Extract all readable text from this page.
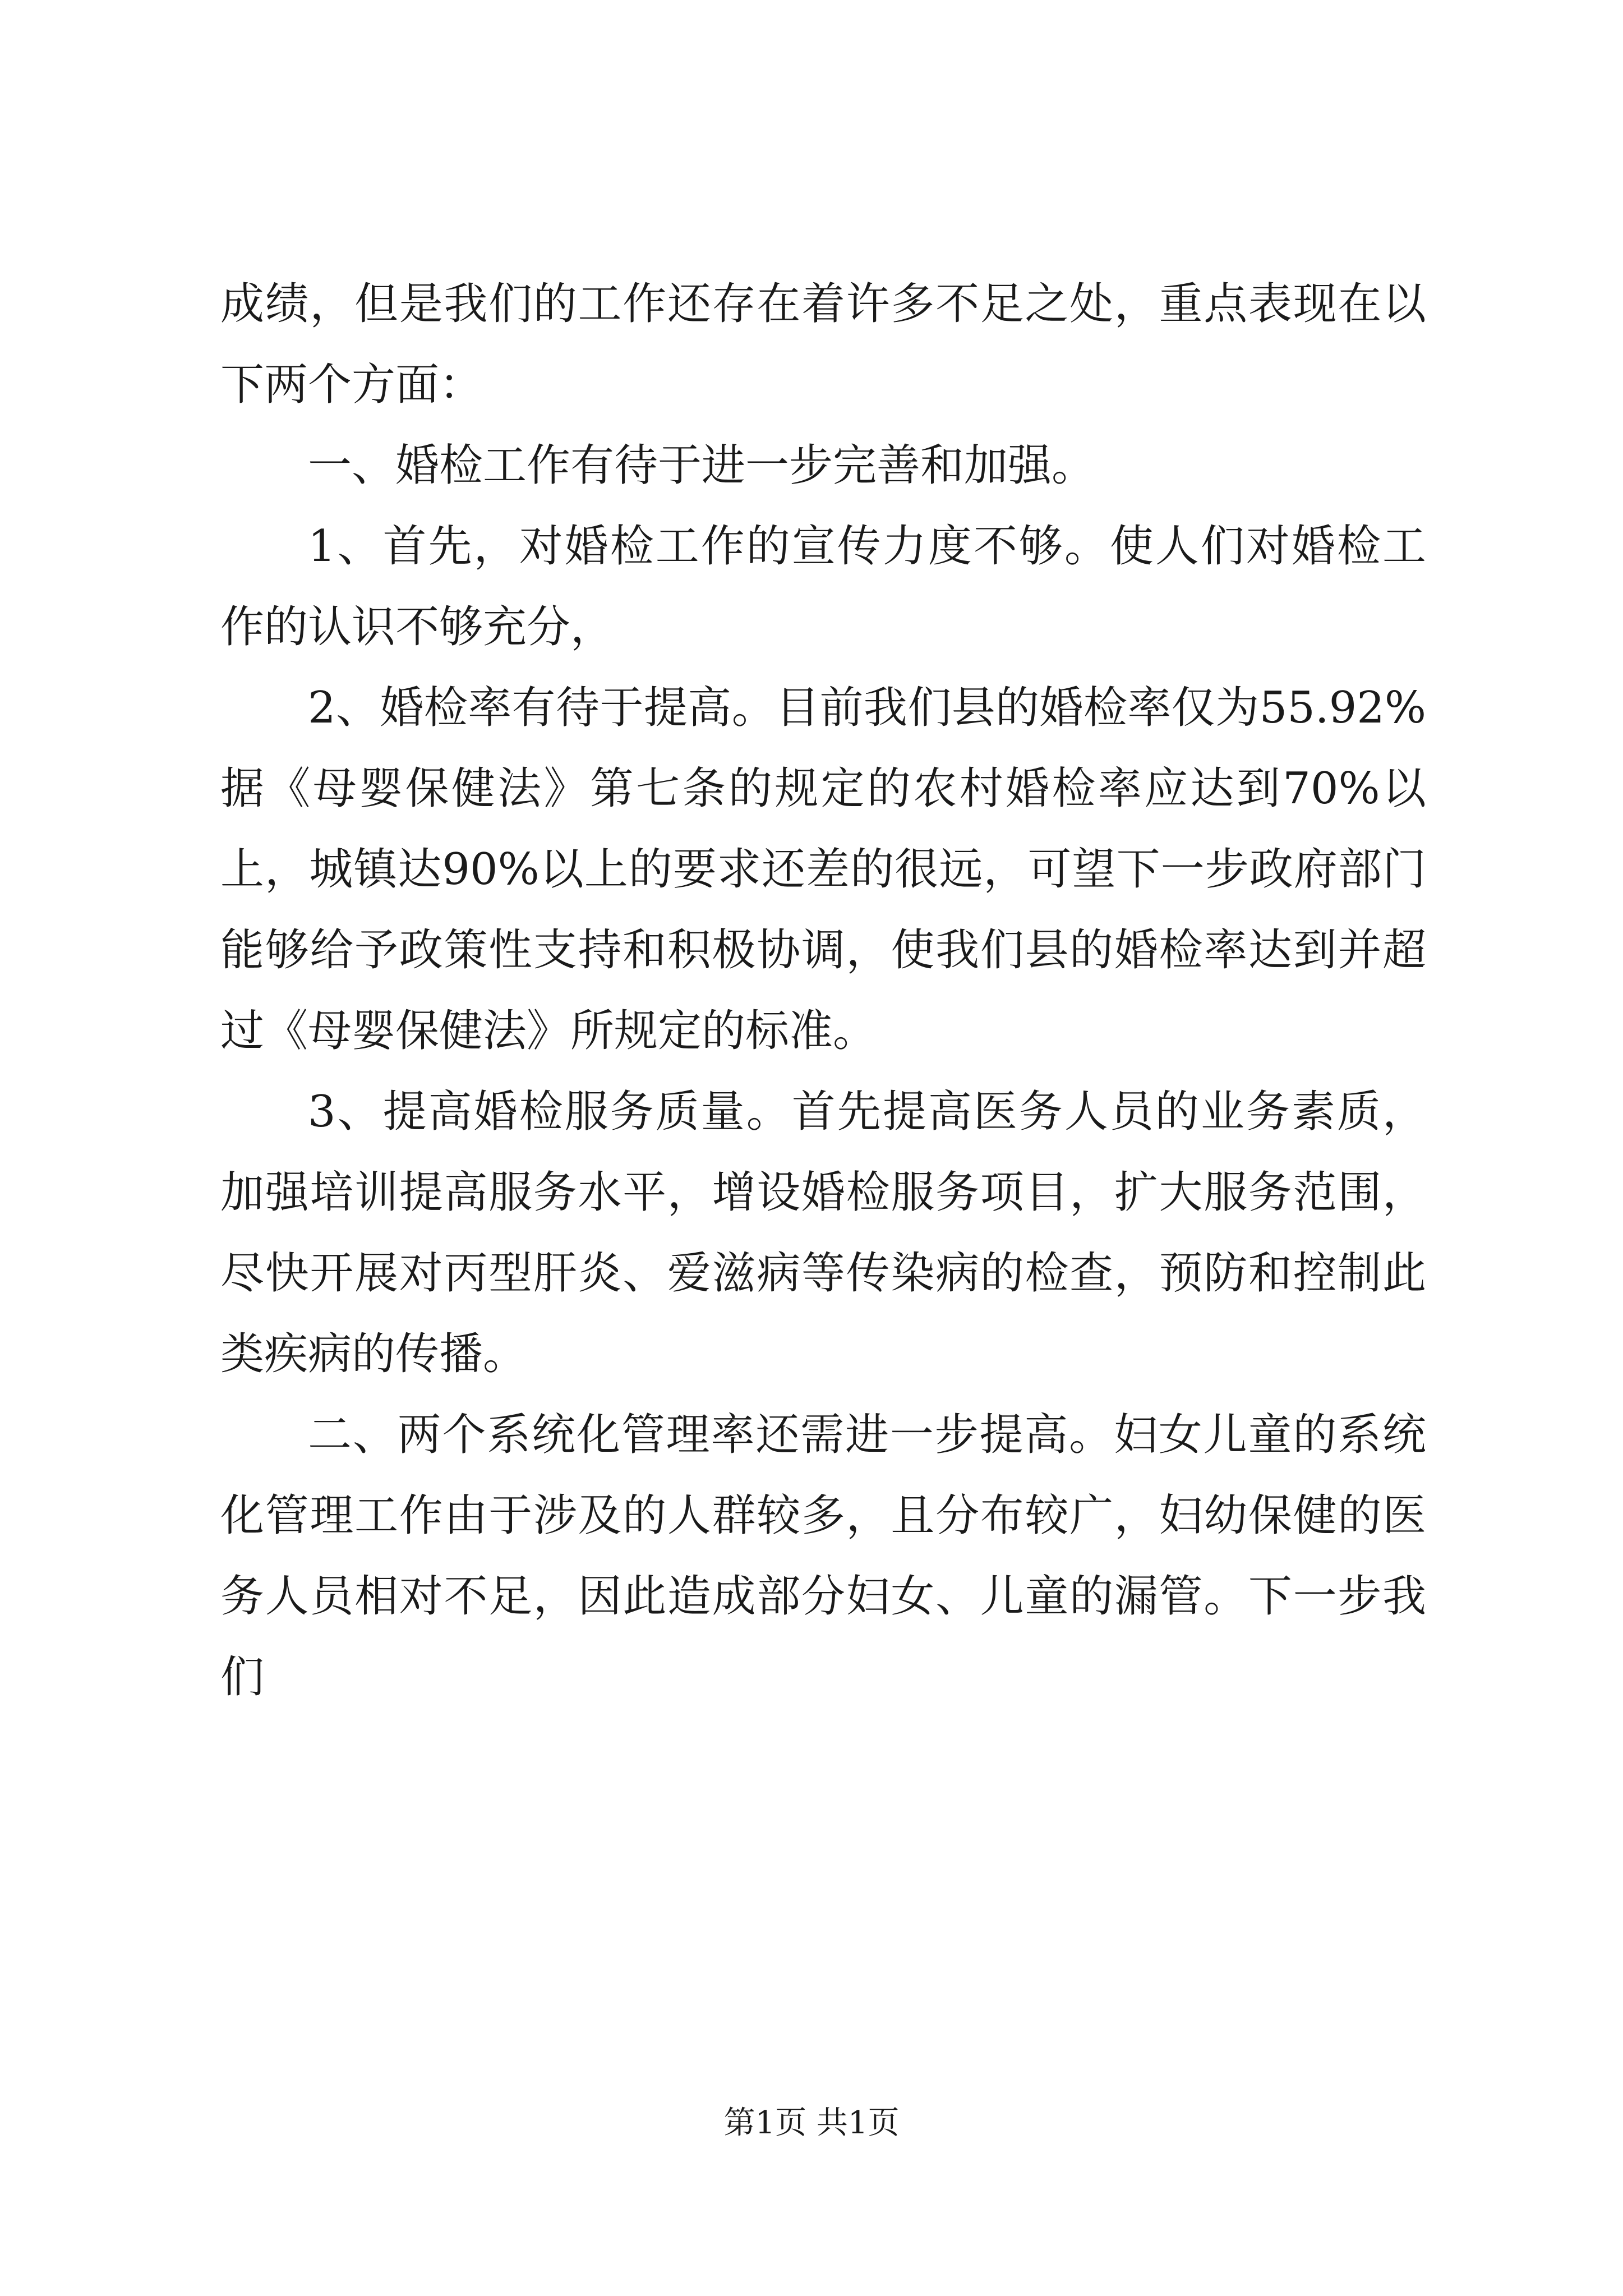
成绩，但是我们的工作还存在着许多不足之处，重点表现在以下两个方面：

一、婚检工作有待于进一步完善和加强。

1、首先，对婚检工作的宣传力度不够。使人们对婚检工作的认识不够充分，

2、婚检率有待于提高。目前我们县的婚检率仅为55.92%据《母婴保健法》第七条的规定的农村婚检率应达到70%以上，城镇达90%以上的要求还差的很远，可望下一步政府部门能够给予政策性支持和积极协调，使我们县的婚检率达到并超过《母婴保健法》所规定的标准。

3、提高婚检服务质量。首先提高医务人员的业务素质，加强培训提高服务水平，增设婚检服务项目，扩大服务范围，尽快开展对丙型肝炎、爱滋病等传染病的检查，预防和控制此类疾病的传播。

二、两个系统化管理率还需进一步提高。妇女儿童的系统化管理工作由于涉及的人群较多，且分布较广，妇幼保健的医务人员相对不足，因此造成部分妇女、儿童的漏管。下一步我们

第1页 共1页
